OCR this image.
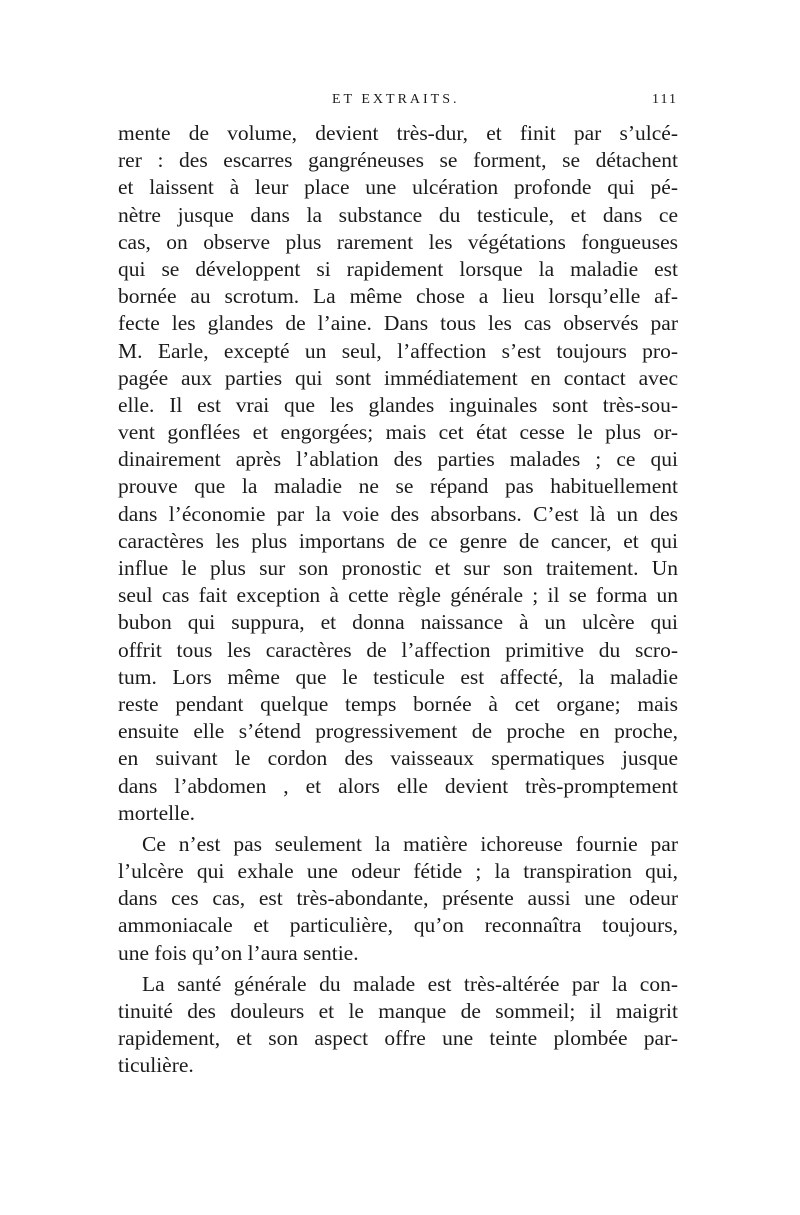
ET EXTRAITS.	111
mente de volume, devient très-dur, et finit par s’ulcé-
rer : des escarres gangréneuses se forment, se détachent
et laissent à leur place une ulcération profonde qui pé-
nètre jusque dans la substance du testicule, et dans ce
cas, on observe plus rarement les végétations fongueuses
qui se développent si rapidement lorsque la maladie est
bornée au scrotum. La même chose a lieu lorsqu’elle af-
fecte les glandes de l’aine. Dans tous les cas observés par
M. Earle, excepté un seul, l’affection s’est toujours pro-
pagée aux parties qui sont immédiatement en contact avec
elle. Il est vrai que les glandes inguinales sont très-sou-
vent gonflées et engorgées; mais cet état cesse le plus or-
dinairement après l’ablation des parties malades ; ce qui
prouve que la maladie ne se répand pas habituellement
dans l’économie par la voie des absorbans. C’est là un des
caractères les plus importans de ce genre de cancer, et qui
influe le plus sur son pronostic et sur son traitement. Un
seul cas fait exception à cette règle générale ; il se forma un
bubon qui suppura, et donna naissance à un ulcère qui
offrit tous les caractères de l’affection primitive du scro-
tum. Lors même que le testicule est affecté, la maladie
reste pendant quelque temps bornée à cet organe; mais
ensuite elle s’étend progressivement de proche en proche,
en suivant le cordon des vaisseaux spermatiques jusque
dans l’abdomen , et alors elle devient très-promptement
mortelle.
Ce n’est pas seulement la matière ichoreuse fournie par
l’ulcère qui exhale une odeur fétide ; la transpiration qui,
dans ces cas, est très-abondante, présente aussi une odeur
ammoniacale et particulière, qu’on reconnaîtra toujours,
une fois qu’on l’aura sentie.
La santé générale du malade est très-altérée par la con-
tinuité des douleurs et le manque de sommeil; il maigrit
rapidement, et son aspect offre une teinte plombée par-
ticulière.
